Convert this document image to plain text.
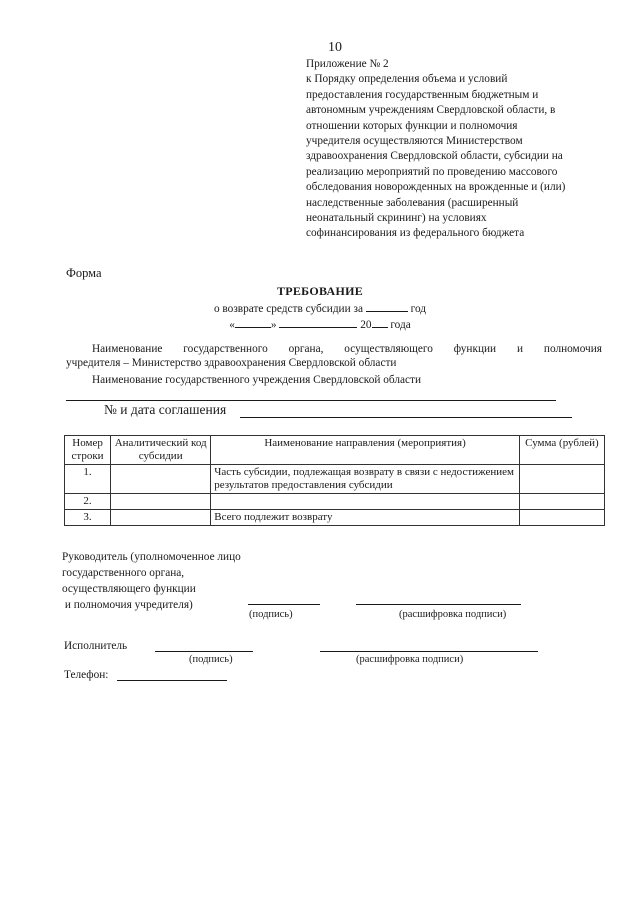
10
Приложение № 2
к Порядку определения объема и условий
предоставления государственным бюджетным и
автономным учреждениям Свердловской области, в
отношении которых функции и полномочия
учредителя осуществляются Министерством
здравоохранения Свердловской области, субсидии на
реализацию мероприятий по проведению массового
обследования новорожденных на врожденные и (или)
наследственные заболевания (расширенный
неонатальный скрининг) на условиях
софинансирования из федерального бюджета
Форма
ТРЕБОВАНИЕ
о возврате средств субсидии за	год
«	»	20 года
Наименование государственного органа, осуществляющего функции и полномочия
учредителя – Министерство здравоохранения Свердловской области
Наименование государственного учреждения Свердловской области
№ и дата соглашения
Номер строки	Аналитический код субсидии	Наименование направления (мероприятия)	Сумма (рублей)
1.		Часть субсидии, подлежащая возврату в связи с недостижением результатов предоставления субсидии	
2.			
3.		Всего подлежит возврату	
Руководитель (уполномоченное лицо
государственного органа,
осуществляющего функции
и полномочия учредителя)
(подпись)	(расшифровка подписи)
Исполнитель
(подпись)	(расшифровка подписи)
Телефон:
